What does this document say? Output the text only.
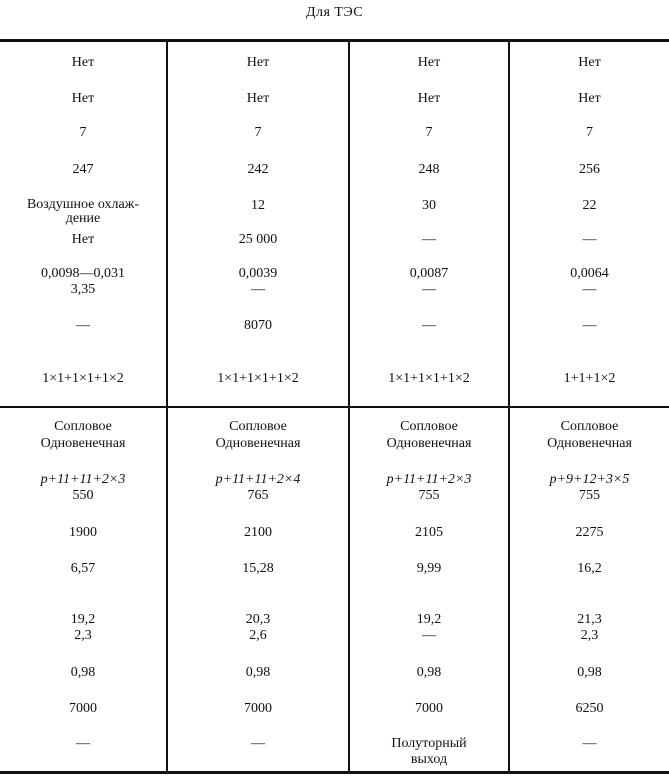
Для ТЭС
Нет
Нет
7
247
Воздушное охлаж-
дение
Нет
0,0098—0,031
3,35
—
1×1+1×1+1×2
Сопловое
Одновенечная
p+11+11+2×3
550
1900
6,57
19,2
2,3
0,98
7000
—
Нет
Нет
7
242
12
25 000
0,0039
—
8070
1×1+1×1+1×2
Сопловое
Одновенечная
p+11+11+2×4
765
2100
15,28
20,3
2,6
0,98
7000
—
Нет
Нет
7
248
30
—
0,0087
—
—
1×1+1×1+1×2
Сопловое
Одновенечная
p+11+11+2×3
755
2105
9,99
19,2
—
0,98
7000
Полуторный
выход
Нет
Нет
7
256
22
—
0,0064
—
—
1+1+1×2
Сопловое
Одновенечная
p+9+12+3×5
755
2275
16,2
21,3
2,3
0,98
6250
—
